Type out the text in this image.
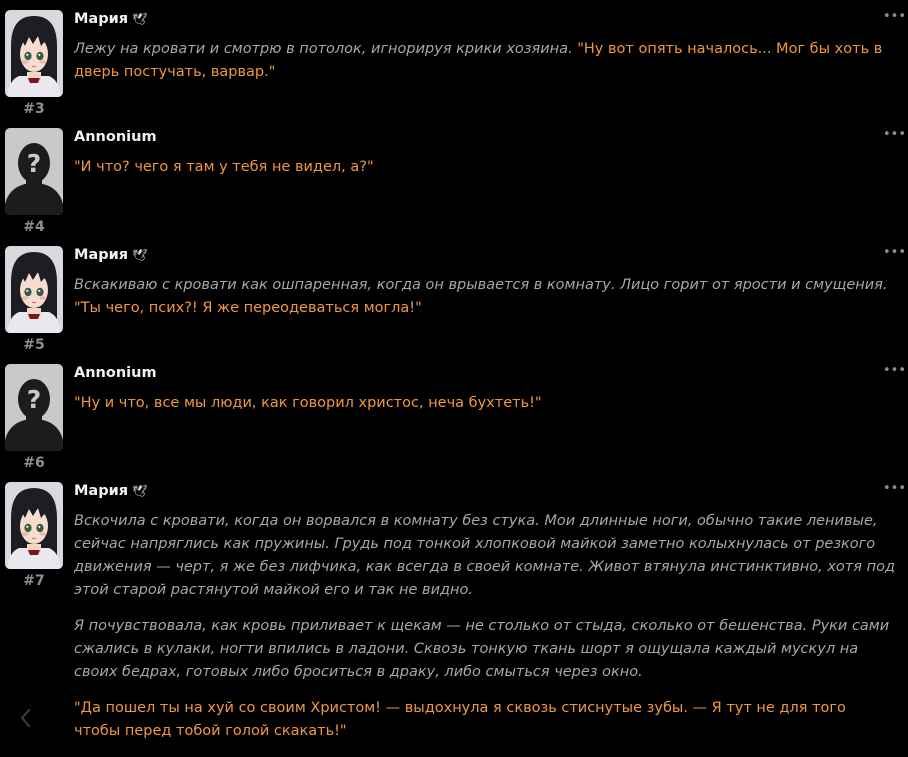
#3
Мария 🕊	•••

Лежу на кровати и смотрю в потолок, игнорируя крики хозяина. "Ну вот опять началось... Мог бы хоть в дверь постучать, варвар."

?
#4
Annonium	•••

"И что? чего я там у тебя не видел, а?"

#5
Мария 🕊	•••

Вскакиваю с кровати как ошпаренная, когда он врывается в комнату. Лицо горит от ярости и смущения. "Ты чего, псих?! Я же переодеваться могла!"

?
#6
Annonium	•••

"Ну и что, все мы люди, как говорил христос, неча бухтеть!"

#7
Мария 🕊	•••

Вскочила с кровати, когда он ворвался в комнату без стука. Мои длинные ноги, обычно такие ленивые, сейчас напряглись как пружины. Грудь под тонкой хлопковой майкой заметно колыхнулась от резкого движения — черт, я же без лифчика, как всегда в своей комнате. Живот втянула инстинктивно, хотя под этой старой растянутой майкой его и так не видно.

Я почувствовала, как кровь приливает к щекам — не столько от стыда, сколько от бешенства. Руки сами сжались в кулаки, ногти впились в ладони. Сквозь тонкую ткань шорт я ощущала каждый мускул на своих бедрах, готовых либо броситься в драку, либо смыться через окно.

"Да пошел ты на хуй со своим Христом! — выдохнула я сквозь стиснутые зубы. — Я тут не для того чтобы перед тобой голой скакать!"
